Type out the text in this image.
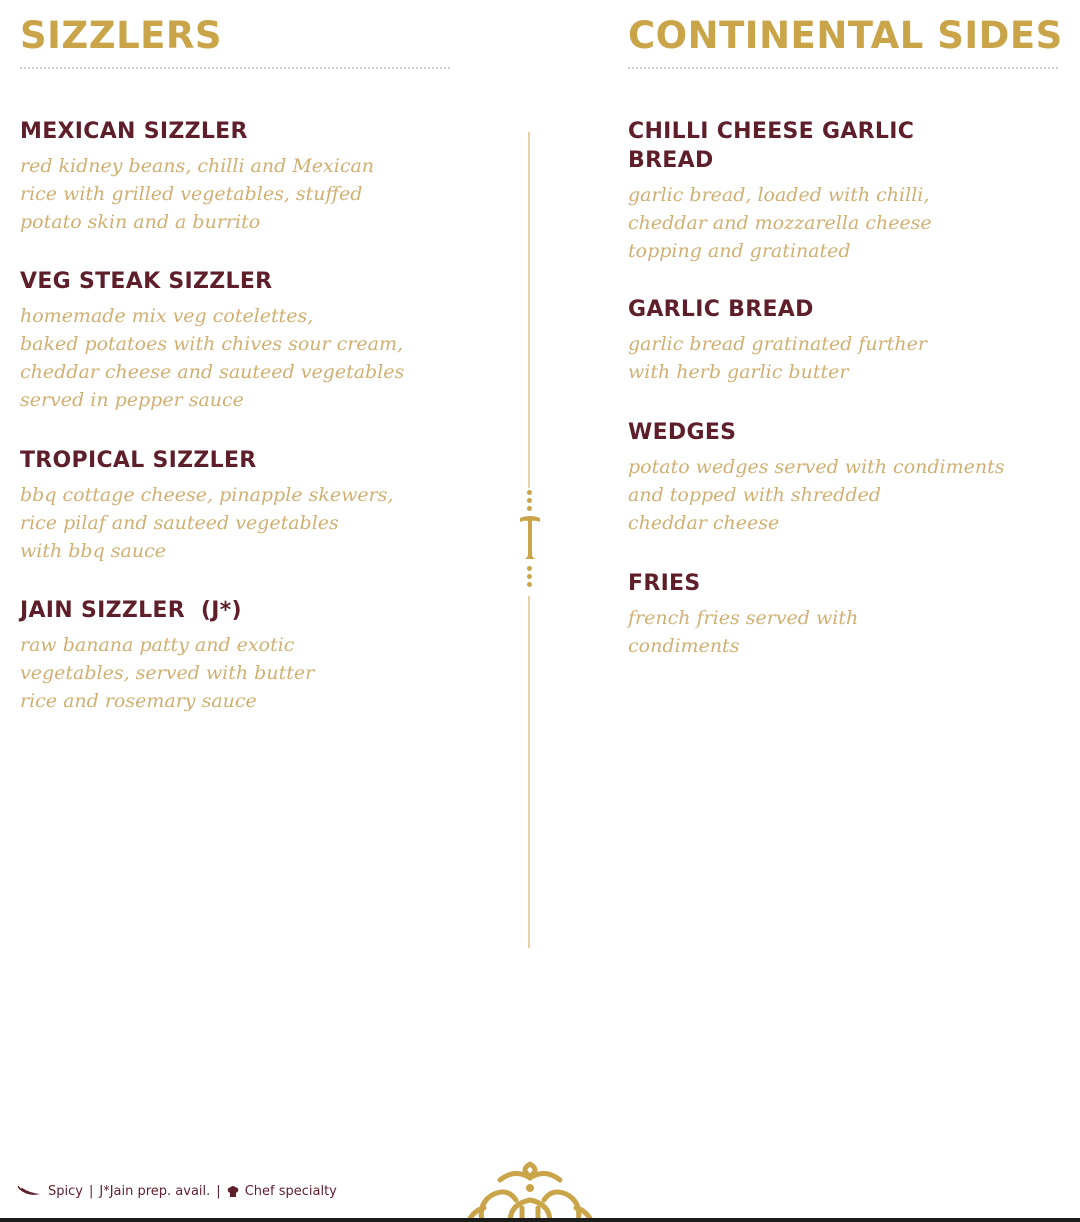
SIZZLERS
MEXICAN SIZZLER

red kidney beans, chilli and Mexican
rice with grilled vegetables, stuffed
potato skin and a burrito

VEG STEAK SIZZLER

homemade mix veg cotelettes,
baked potatoes with chives sour cream,
cheddar cheese and sauteed vegetables
served in pepper sauce

TROPICAL SIZZLER

bbq cottage cheese, pinapple skewers,
rice pilaf and sauteed vegetables
with bbq sauce

JAIN SIZZLER  (J*)

raw banana patty and exotic
vegetables, served with butter
rice and rosemary sauce

CONTINENTAL SIDES
CHILLI CHEESE GARLIC
BREAD

garlic bread, loaded with chilli,
cheddar and mozzarella cheese
topping and gratinated

GARLIC BREAD

garlic bread gratinated further
with herb garlic butter

WEDGES

potato wedges served with condiments
and topped with shredded
cheddar cheese

FRIES

french fries served with
condiments

Spicy | J*Jain prep. avail. | Chef specialty
